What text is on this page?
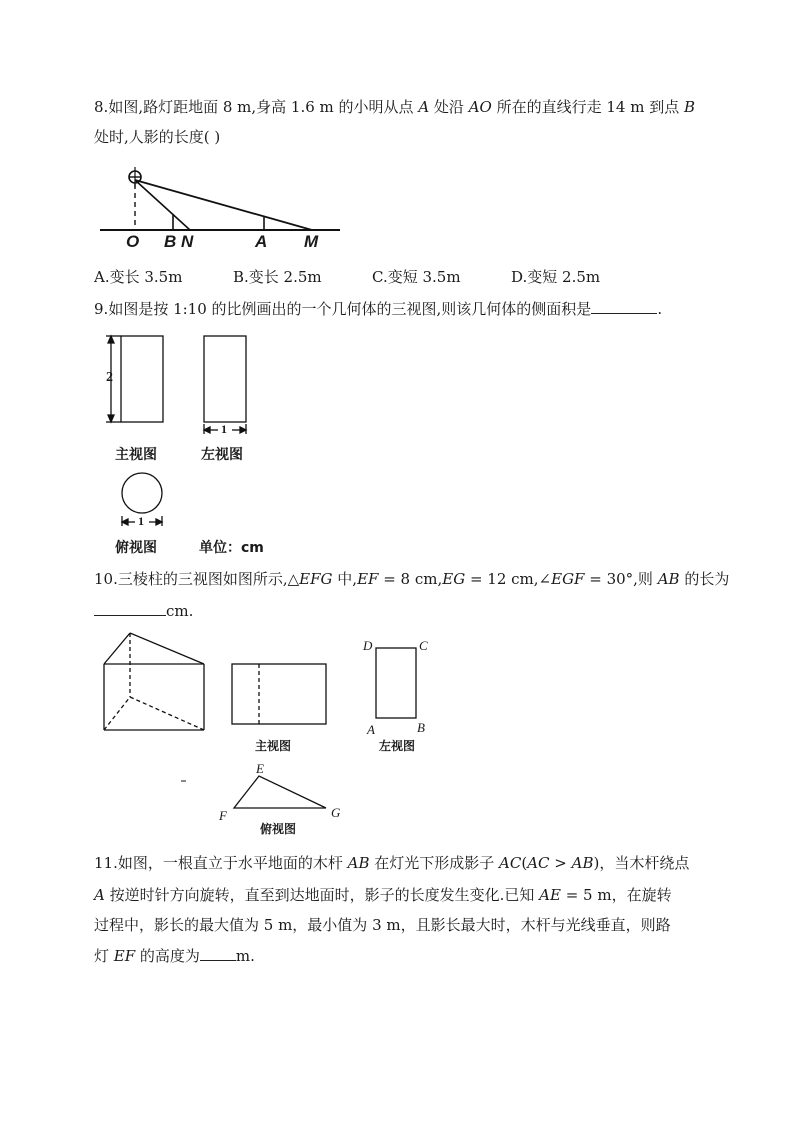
8.如图,路灯距地面 8 m,身高 1.6 m 的小明从点 A 处沿 AO 所在的直线行走 14 m 到点 B
处时,人影的长度( )
O B N	A M
A.变长 3.5m	B.变长 2.5m	C.变短 3.5m	D.变短 2.5m
9.如图是按 1:10 的比例画出的一个几何体的三视图,则该几何体的侧面积是	.
2
1
1
主视图	左视图
俯视图	单位：cm
10.三棱柱的三视图如图所示,△EFG 中,EF = 8 cm,EG = 12 cm,∠EGF = 30°,则 AB 的长为
cm.
D	C
A	B
E
F	G
主视图	左视图
俯视图
11.如图，一根直立于水平地面的木杆 AB 在灯光下形成影子 AC(AC > AB)，当木杆绕点
A 按逆时针方向旋转，直至到达地面时，影子的长度发生变化.已知 AE = 5 m，在旋转
过程中，影长的最大值为 5 m，最小值为 3 m，且影长最大时，木杆与光线垂直，则路
灯 EF 的高度为 m.
